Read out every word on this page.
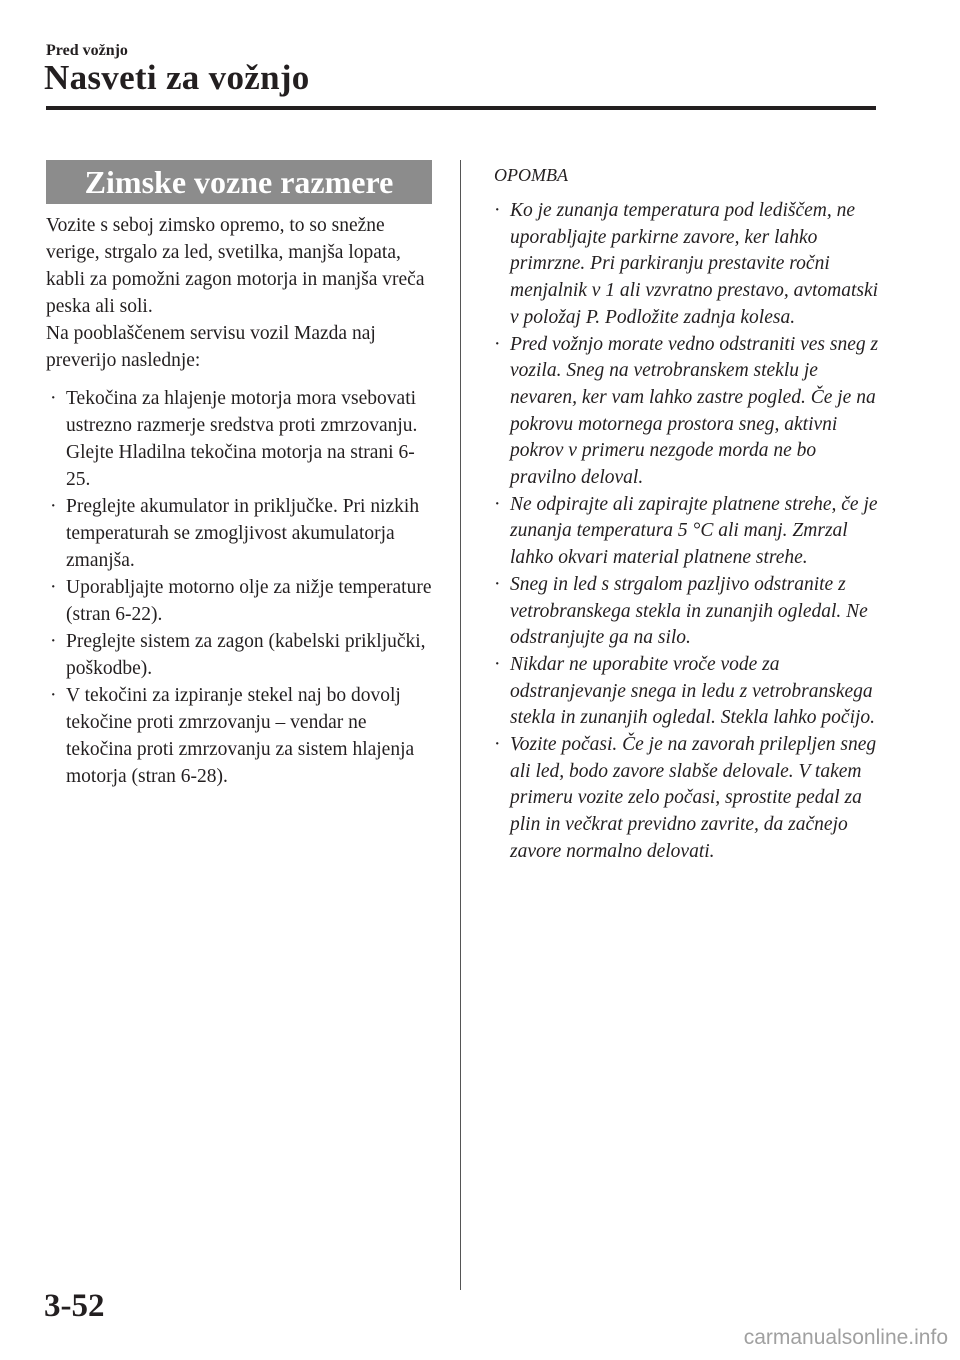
Pred vožnjo
Nasveti za vožnjo
Zimske vozne razmere
Vozite s seboj zimsko opremo, to so snežne verige, strgalo za led, svetilka, manjša lopata, kabli za pomožni zagon motorja in manjša vreča peska ali soli.
Na pooblaščenem servisu vozil Mazda naj preverijo naslednje:
· Tekočina za hlajenje motorja mora vsebovati ustrezno razmerje sredstva proti zmrzovanju.
Glejte Hladilna tekočina motorja na strani 6-25.
· Preglejte akumulator in priključke. Pri nizkih temperaturah se zmogljivost akumulatorja zmanjša.
· Uporabljajte motorno olje za nižje temperature (stran 6-22).
· Preglejte sistem za zagon (kabelski priključki, poškodbe).
· V tekočini za izpiranje stekel naj bo dovolj tekočine proti zmrzovanju – vendar ne tekočina proti zmrzovanju za sistem hlajenja motorja (stran 6-28).
OPOMBA
· Ko je zunanja temperatura pod lediščem, ne uporabljajte parkirne zavore, ker lahko primrzne. Pri parkiranju prestavite ročni menjalnik v 1 ali vzvratno prestavo, avtomatski v položaj P. Podložite zadnja kolesa.
· Pred vožnjo morate vedno odstraniti ves sneg z vozila. Sneg na vetrobranskem steklu je nevaren, ker vam lahko zastre pogled. Če je na pokrovu motornega prostora sneg, aktivni pokrov v primeru nezgode morda ne bo pravilno deloval.
· Ne odpirajte ali zapirajte platnene strehe, če je zunanja temperatura 5 °C ali manj. Zmrzal lahko okvari material platnene strehe.
· Sneg in led s strgalom pazljivo odstranite z vetrobranskega stekla in zunanjih ogledal. Ne odstranjujte ga na silo.
· Nikdar ne uporabite vroče vode za odstranjevanje snega in ledu z vetrobranskega stekla in zunanjih ogledal. Stekla lahko počijo.
· Vozite počasi. Če je na zavorah prilepljen sneg ali led, bodo zavore slabše delovale. V takem primeru vozite zelo počasi, sprostite pedal za plin in večkrat previdno zavrite, da začnejo zavore normalno delovati.
3-52
carmanualsonline.info
